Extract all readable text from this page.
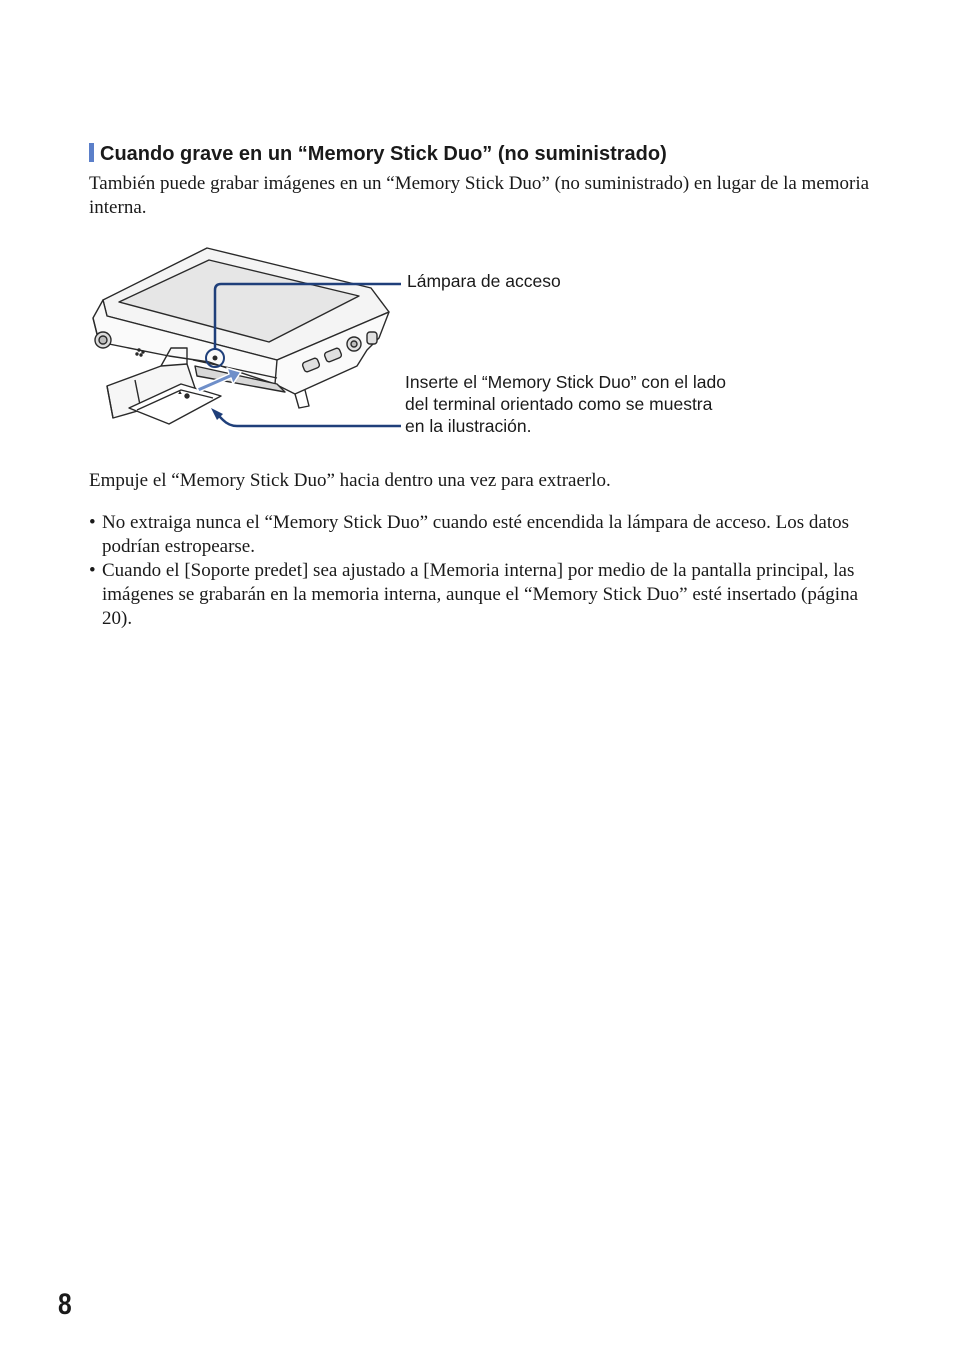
Cuando grave en un “Memory Stick Duo” (no suministrado)
También puede grabar imágenes en un “Memory Stick Duo” (no suministrado) en lugar de la memoria interna.
▲
Lámpara de acceso
Inserte el “Memory Stick Duo” con el lado del terminal orientado como se muestra en la ilustración.
Empuje el “Memory Stick Duo” hacia dentro una vez para extraerlo.
• No extraiga nunca el “Memory Stick Duo” cuando esté encendida la lámpara de acceso. Los datos podrían estropearse.
• Cuando el [Soporte predet] sea ajustado a [Memoria interna] por medio de la pantalla principal, las imágenes se grabarán en la memoria interna, aunque el “Memory Stick Duo” esté insertado (página 20).
8
